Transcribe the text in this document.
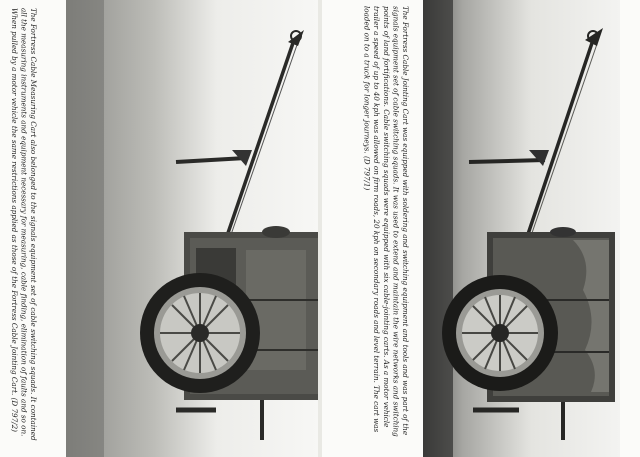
The Fortress Cable Measuring Cart also belonged to the signals equipment set of cable switching squads. It contained all the measuring instruments and equipment necessary for measuring, cable finding, elimination of faults and so on. When pulled by a motor vehicle the same restrictions applied as those of the Fortress Cable Jointing Cart. (D 797/2)	The Fortress Cable Jointing Cart was equipped with soldering and switching equipment and tools and was part of the signals equipment set of cable switching squads. It was used to extend and maintain the wire networks and switching points of land fortifications. Cable switching squads were equipped with six cable-jointing carts. As a motor vehicle trailer a speed of up to 40 kph was allowed on firm roads, 20 kph on secondary roads and level terrain. The cart was loaded on to a truck for longer journeys. (D 797/1)
